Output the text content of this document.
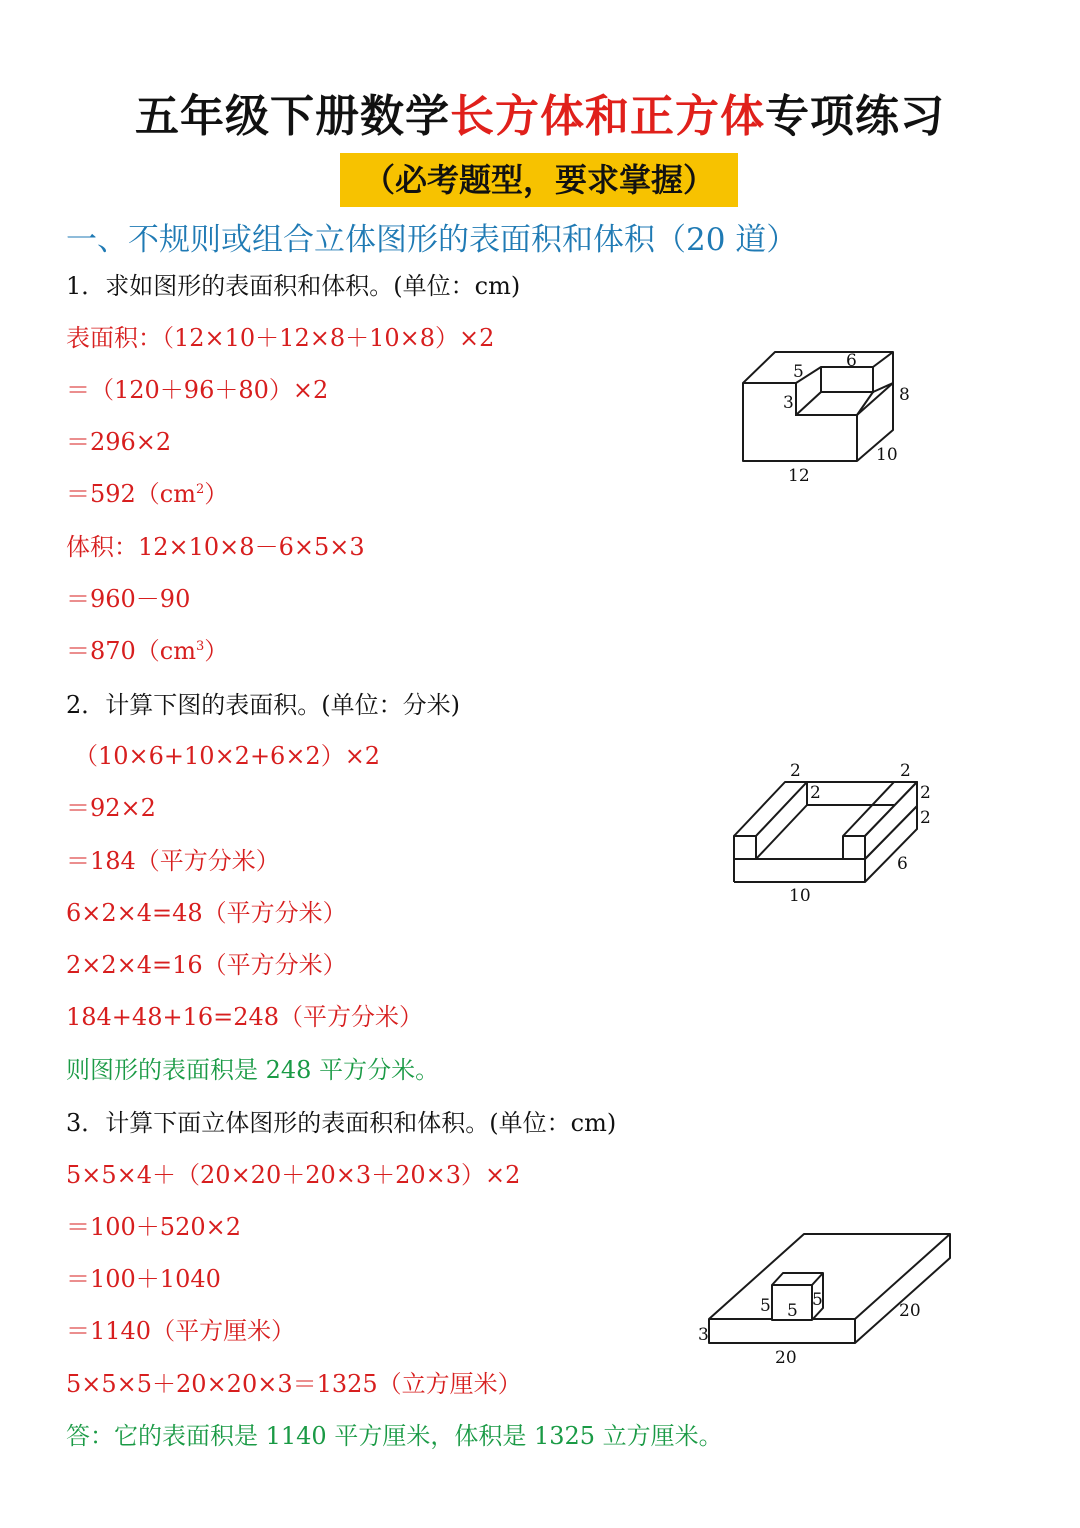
五年级下册数学长方体和正方体专项练习
（必考题型，要求掌握）
一、不规则或组合立体图形的表面积和体积（20 道）
1．求如图形的表面积和体积。(单位：cm)
表面积：（12×10＋12×8＋10×8）×2
＝（120＋96＋80）×2
＝296×2
$=592(cm^2)$
体积：12×10×8－6×5×3
＝960－90
$=870(cm^3)$
5
6
8
3
10
12
2．计算下图的表面积。(单位：分米)
（10×6+10×2+6×2）×2
＝92×2
＝184（平方分米）
6×2×4=48（平方分米）
2×2×4=16（平方分米）
184+48+16=248（平方分米）
则图形的表面积是 248 平方分米。
2
2
2
2
2
6
10
3．计算下面立体图形的表面积和体积。(单位：cm)
5×5×4＋（20×20＋20×3＋20×3）×2
＝100＋520×2
＝100＋1040
＝1140（平方厘米）
5×5×5＋20×20×3＝1325（立方厘米）
答：它的表面积是 1140 平方厘米，体积是 1325 立方厘米。
5 5
5
20
3
20
